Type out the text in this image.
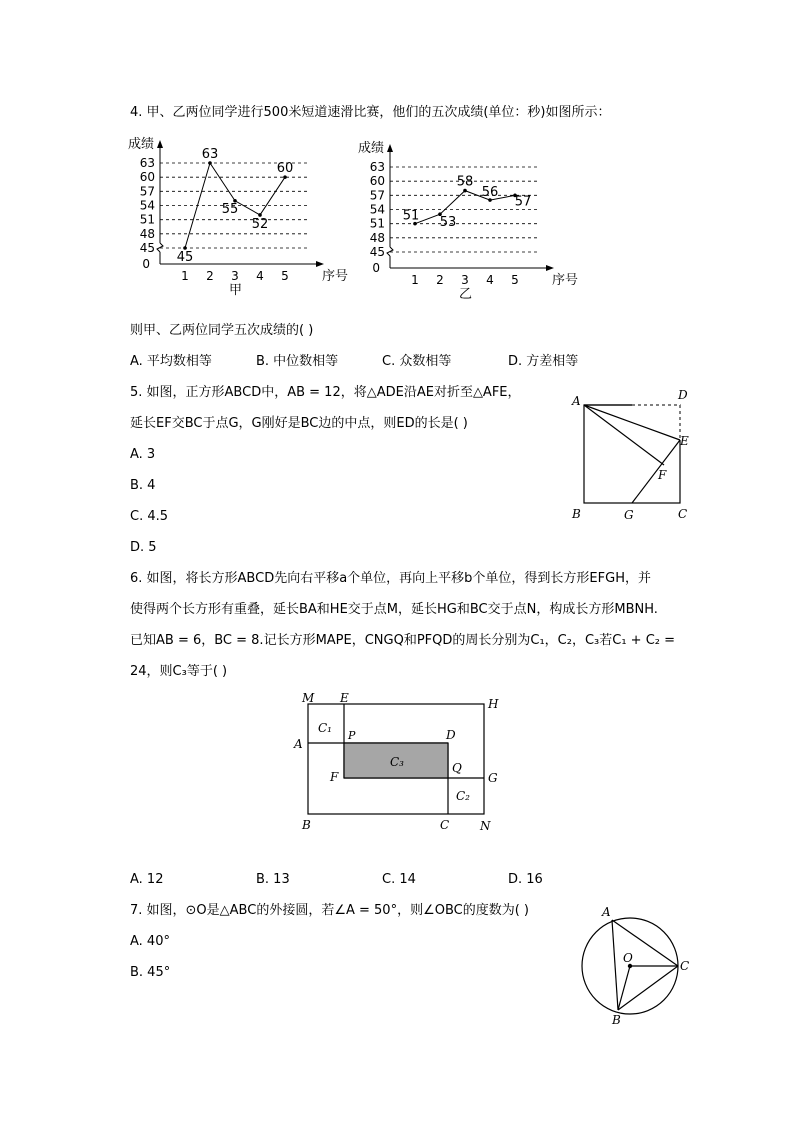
4. 甲、乙两位同学进行500米短道速滑比赛，他们的五次成绩(单位：秒)如图所示：
成绩
序号
甲
0
45
48
51
54
57
60
63
1 2 3 4 5
45
63
55
52
60
成绩
序号
乙
0
45
48
51
54
57
60
63
1 2 3 4 5
51 53
58
56
57
则甲、乙两位同学五次成绩的( )
A. 平均数相等	B. 中位数相等	C. 众数相等	D. 方差相等
5. 如图，正方形ABCD中，AB = 12，将△ADE沿AE对折至△AFE，
延长EF交BC于点G，G刚好是BC边的中点，则ED的长是( )
A. 3
B. 4
C. 4.5
D. 5
A	D
E
F
B	G	C
6. 如图，将长方形ABCD先向右平移a个单位，再向上平移b个单位，得到长方形EFGH，并
使得两个长方形有重叠，延长BA和HE交于点M，延长HG和BC交于点N，构成长方形MBNH.
已知AB = 6，BC = 8.记长方形MAPE，CNGQ和PFQD的周长分别为C₁，C₂，C₃若C₁ + C₂ =
24，则C₃等于( )
M E	H
A
P	D
F
Q
G
B	C	N
C₁
C₃
C₂
A. 12	B. 13	C. 14	D. 16
7. 如图，⊙O是△ABC的外接圆，若∠A = 50°，则∠OBC的度数为( )
A. 40°
B. 45°
A
O
C
B
